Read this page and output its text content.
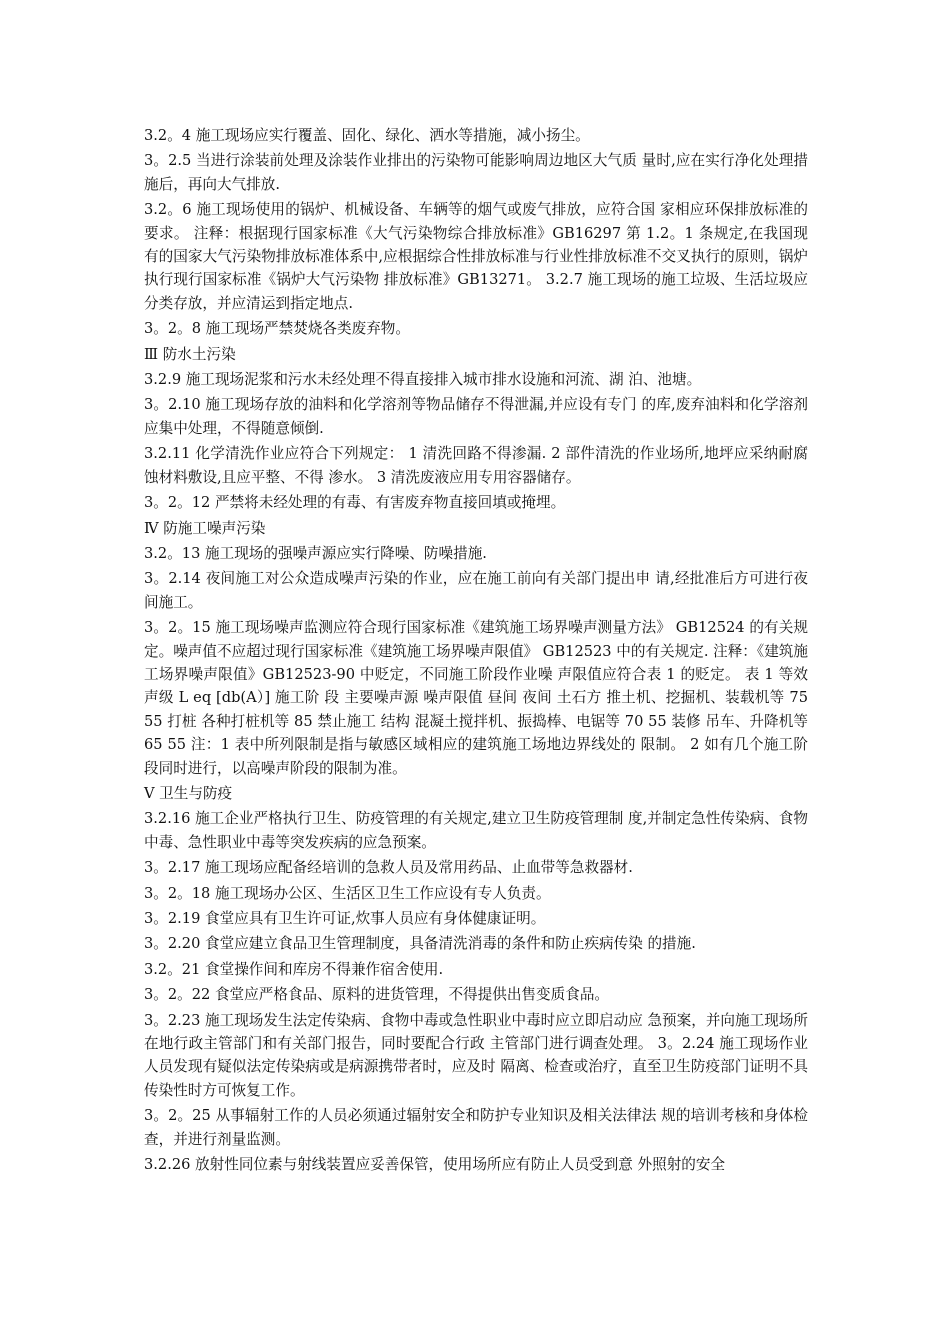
3.2。4 施工现场应实行覆盖、固化、绿化、洒水等措施，减小扬尘。

3。2.5 当进行涂装前处理及涂装作业排出的污染物可能影响周边地区大气质 量时,应在实行净化处理措施后，再向大气排放.

3.2。6 施工现场使用的锅炉、机械设备、车辆等的烟气或废气排放，应符合国 家相应环保排放标准的要求。 注释：根据现行国家标准《大气污染物综合排放标准》GB16297 第 1.2。1 条规定,在我国现有的国家大气污染物排放标准体系中,应根据综合性排放标准与行业性排放标准不交叉执行的原则，锅炉执行现行国家标准《锅炉大气污染物 排放标准》GB13271。 3.2.7 施工现场的施工垃圾、生活垃圾应分类存放，并应清运到指定地点.

3。2。8 施工现场严禁焚烧各类废弃物。

Ⅲ 防水土污染

3.2.9 施工现场泥浆和污水未经处理不得直接排入城市排水设施和河流、湖 泊、池塘。

3。2.10 施工现场存放的油料和化学溶剂等物品储存不得泄漏,并应设有专门 的库,废弃油料和化学溶剂应集中处理，不得随意倾倒.

3.2.11 化学清洗作业应符合下列规定： 1 清洗回路不得渗漏. 2 部件清洗的作业场所,地坪应采纳耐腐蚀材料敷设,且应平整、不得 渗水。 3 清洗废液应用专用容器储存。

3。2。12 严禁将未经处理的有毒、有害废弃物直接回填或掩埋。

Ⅳ 防施工噪声污染

3.2。13 施工现场的强噪声源应实行降噪、防噪措施.

3。2.14 夜间施工对公众造成噪声污染的作业，应在施工前向有关部门提出申 请,经批准后方可进行夜间施工。

3。2。15 施工现场噪声监测应符合现行国家标准《建筑施工场界噪声测量方法》 GB12524 的有关规定。噪声值不应超过现行国家标准《建筑施工场界噪声限值》 GB12523 中的有关规定. 注释：《建筑施工场界噪声限值》GB12523-90 中贬定，不同施工阶段作业噪 声限值应符合表 1 的贬定。 表 1 等效声级 L eq [db(A）] 施工阶 段 主要噪声源 噪声限值 昼间 夜间 土石方 推土机、挖掘机、装载机等 75 55 打桩 各种打桩机等 85 禁止施工 结构 混凝土搅拌机、振捣棒、电锯等 70 55 装修 吊车、升降机等 65 55 注：1 表中所列限制是指与敏感区域相应的建筑施工场地边界线处的 限制。 2 如有几个施工阶段同时进行，以高噪声阶段的限制为准。

Ⅴ 卫生与防疫

3.2.16 施工企业严格执行卫生、防疫管理的有关规定,建立卫生防疫管理制 度,并制定急性传染病、食物中毒、急性职业中毒等突发疾病的应急预案。

3。2.17 施工现场应配备经培训的急救人员及常用药品、止血带等急救器材.

3。2。18 施工现场办公区、生活区卫生工作应设有专人负责。

3。2.19 食堂应具有卫生许可证,炊事人员应有身体健康证明。

3。2.20 食堂应建立食品卫生管理制度，具备清洗消毒的条件和防止疾病传染 的措施.

3.2。21 食堂操作间和库房不得兼作宿舍使用.

3。2。22 食堂应严格食品、原料的进货管理，不得提供出售变质食品。

3。2.23 施工现场发生法定传染病、食物中毒或急性职业中毒时应立即启动应 急预案，并向施工现场所在地行政主管部门和有关部门报告，同时要配合行政 主管部门进行调查处理。 3。2.24 施工现场作业人员发现有疑似法定传染病或是病源携带者时，应及时 隔离、检查或治疗，直至卫生防疫部门证明不具传染性时方可恢复工作。

3。2。25 从事辐射工作的人员必须通过辐射安全和防护专业知识及相关法律法 规的培训考核和身体检查，并进行剂量监测。

3.2.26 放射性同位素与射线装置应妥善保管，使用场所应有防止人员受到意 外照射的安全
